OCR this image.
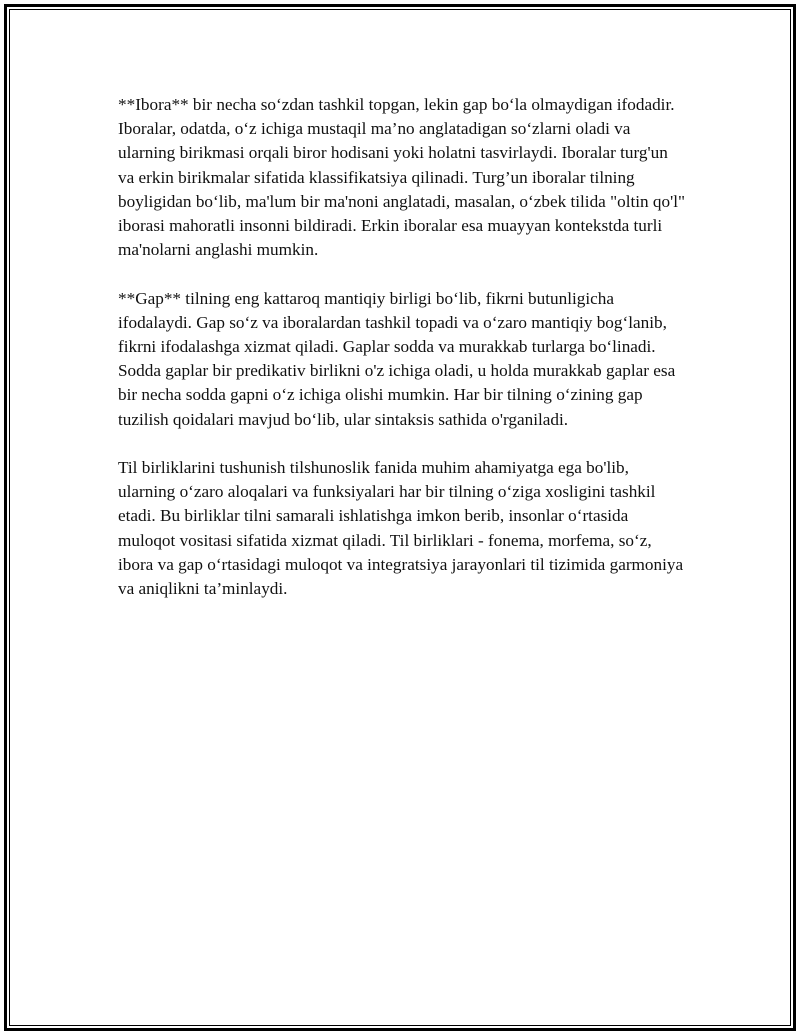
**Ibora** bir necha so‘zdan tashkil topgan, lekin gap bo‘la olmaydigan ifodadir. Iboralar, odatda, o‘z ichiga mustaqil ma’no anglatadigan so‘zlarni oladi va ularning birikmasi orqali biror hodisani yoki holatni tasvirlaydi. Iboralar turg'un va erkin birikmalar sifatida klassifikatsiya qilinadi. Turg’un iboralar tilning boyligidan bo‘lib, ma'lum bir ma'noni anglatadi, masalan, o‘zbek tilida "oltin qo'l" iborasi mahoratli insonni bildiradi. Erkin iboralar esa muayyan kontekstda turli ma'nolarni anglashi mumkin.

**Gap** tilning eng kattaroq mantiqiy birligi bo‘lib, fikrni butunligicha ifodalaydi. Gap so‘z va iboralardan tashkil topadi va o‘zaro mantiqiy bog‘lanib, fikrni ifodalashga xizmat qiladi. Gaplar sodda va murakkab turlarga bo‘linadi. Sodda gaplar bir predikativ birlikni o'z ichiga oladi, u holda murakkab gaplar esa bir necha sodda gapni o‘z ichiga olishi mumkin. Har bir tilning o‘zining gap tuzilish qoidalari mavjud bo‘lib, ular sintaksis sathida o'rganiladi.

Til birliklarini tushunish tilshunoslik fanida muhim ahamiyatga ega bo'lib, ularning o‘zaro aloqalari va funksiyalari har bir tilning o‘ziga xosligini tashkil etadi. Bu birliklar tilni samarali ishlatishga imkon berib, insonlar o‘rtasida muloqot vositasi sifatida xizmat qiladi. Til birliklari - fonema, morfema, so‘z, ibora va gap o‘rtasidagi muloqot va integratsiya jarayonlari til tizimida garmoniya va aniqlikni ta’minlaydi.
